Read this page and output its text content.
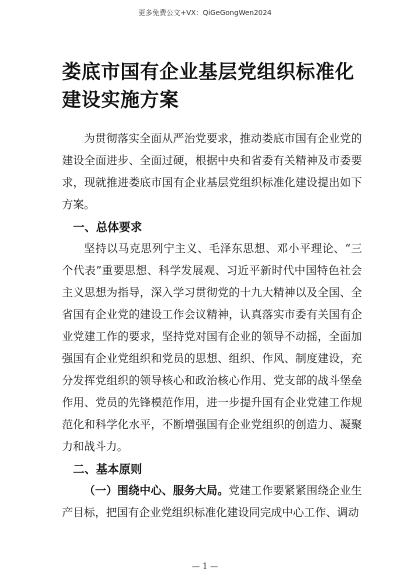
更多免费公文+VX：QiGeGongWen2024
娄底市国有企业基层党组织标准化建设实施方案

为贯彻落实全面从严治党要求，推动娄底市国有企业党的建设全面进步、全面过硬，根据中央和省委有关精神及市委要求，现就推进娄底市国有企业基层党组织标准化建设提出如下方案。

一、总体要求

坚持以马克思列宁主义、毛泽东思想、邓小平理论、“三个代表”重要思想、科学发展观、习近平新时代中国特色社会主义思想为指导，深入学习贯彻党的十九大精神以及全国、全省国有企业党的建设工作会议精神，认真落实市委有关国有企业党建工作的要求，坚持党对国有企业的领导不动摇，全面加强国有企业党组织和党员的思想、组织、作风、制度建设，充分发挥党组织的领导核心和政治核心作用、党支部的战斗堡垒作用、党员的先锋模范作用，进一步提升国有企业党建工作规范化和科学化水平，不断增强国有企业党组织的创造力、凝聚力和战斗力。

二、基本原则

（一）围绕中心、服务大局。党建工作要紧紧围绕企业生产目标，把国有企业党组织标准化建设同完成中心工作、调动

— 1 —
